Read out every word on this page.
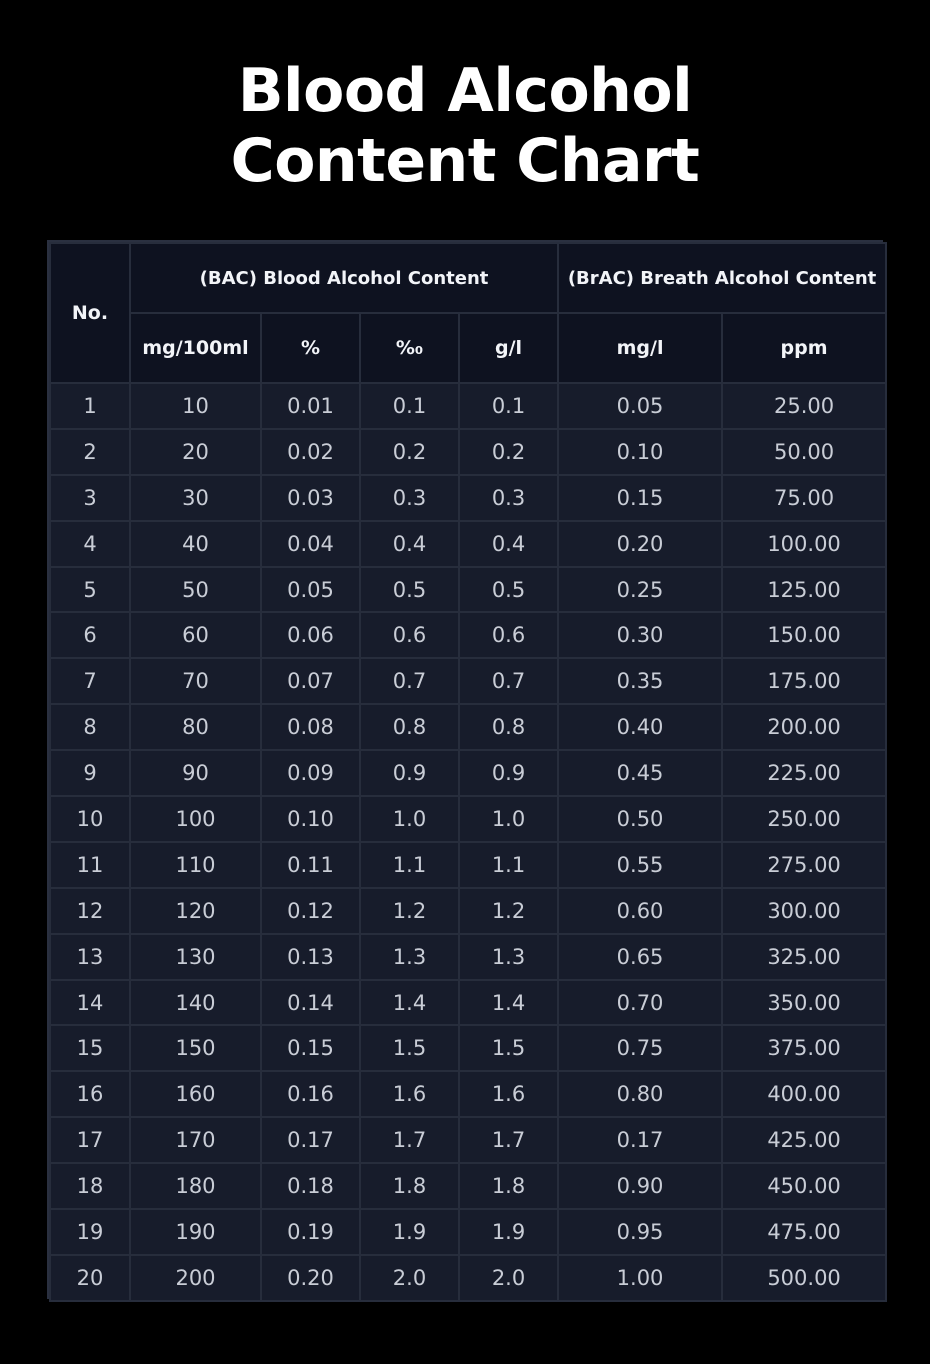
Blood Alcohol
Content Chart
No.	(BAC) Blood Alcohol Content				(BrAC) Breath Alcohol Content	
	mg/100ml	%	%₀	g/l	mg/l	ppm
1	10	0.01	0.1	0.1	0.05	25.00
2	20	0.02	0.2	0.2	0.10	50.00
3	30	0.03	0.3	0.3	0.15	75.00
4	40	0.04	0.4	0.4	0.20	100.00
5	50	0.05	0.5	0.5	0.25	125.00
6	60	0.06	0.6	0.6	0.30	150.00
7	70	0.07	0.7	0.7	0.35	175.00
8	80	0.08	0.8	0.8	0.40	200.00
9	90	0.09	0.9	0.9	0.45	225.00
10	100	0.10	1.0	1.0	0.50	250.00
11	110	0.11	1.1	1.1	0.55	275.00
12	120	0.12	1.2	1.2	0.60	300.00
13	130	0.13	1.3	1.3	0.65	325.00
14	140	0.14	1.4	1.4	0.70	350.00
15	150	0.15	1.5	1.5	0.75	375.00
16	160	0.16	1.6	1.6	0.80	400.00
17	170	0.17	1.7	1.7	0.17	425.00
18	180	0.18	1.8	1.8	0.90	450.00
19	190	0.19	1.9	1.9	0.95	475.00
20	200	0.20	2.0	2.0	1.00	500.00
